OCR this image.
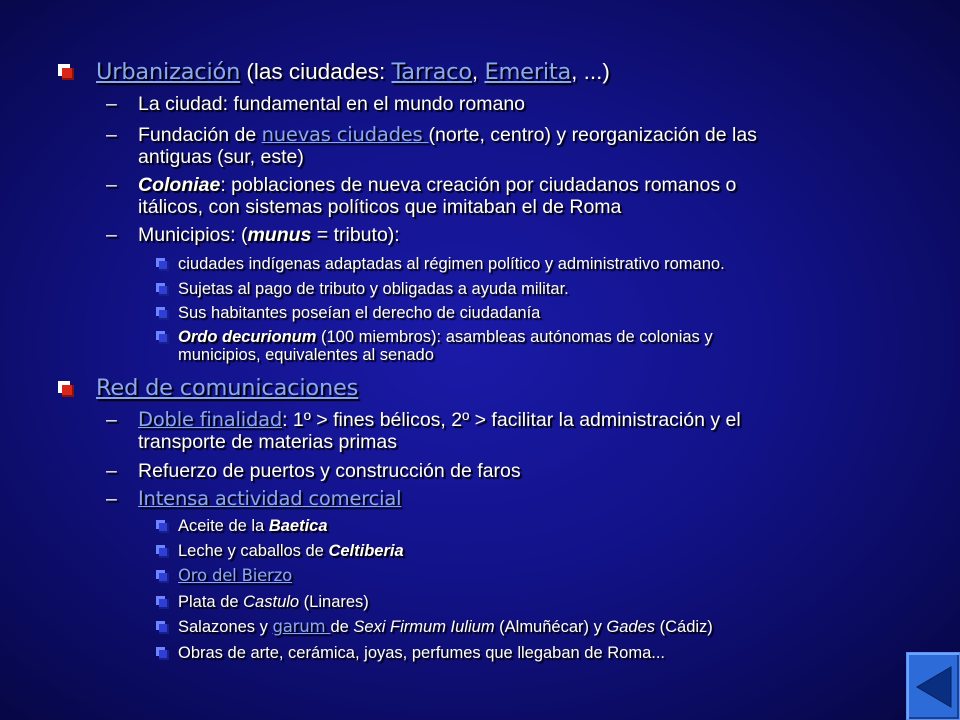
Urbanización (las ciudades: Tarraco, Emerita, ...)
– La ciudad: fundamental en el mundo romano
– Fundación de nuevas ciudades (norte, centro) y reorganización de las
antiguas (sur, este)
– Coloniae: poblaciones de nueva creación por ciudadanos romanos o
itálicos, con sistemas políticos que imitaban el de Roma
– Municipios: (munus = tributo):
ciudades indígenas adaptadas al régimen político y administrativo romano.
Sujetas al pago de tributo y obligadas a ayuda militar.
Sus habitantes poseían el derecho de ciudadanía
Ordo decurionum (100 miembros): asambleas autónomas de colonias y
municipios, equivalentes al senado
Red de comunicaciones
– Doble finalidad: 1º > fines bélicos, 2º > facilitar la administración y el
transporte de materias primas
– Refuerzo de puertos y construcción de faros
– Intensa actividad comercial
Aceite de la Baetica
Leche y caballos de Celtiberia
Oro del Bierzo
Plata de Castulo (Linares)
Salazones y garum de Sexi Firmum Iulium (Almuñécar) y Gades (Cádiz)
Obras de arte, cerámica, joyas, perfumes que llegaban de Roma...
